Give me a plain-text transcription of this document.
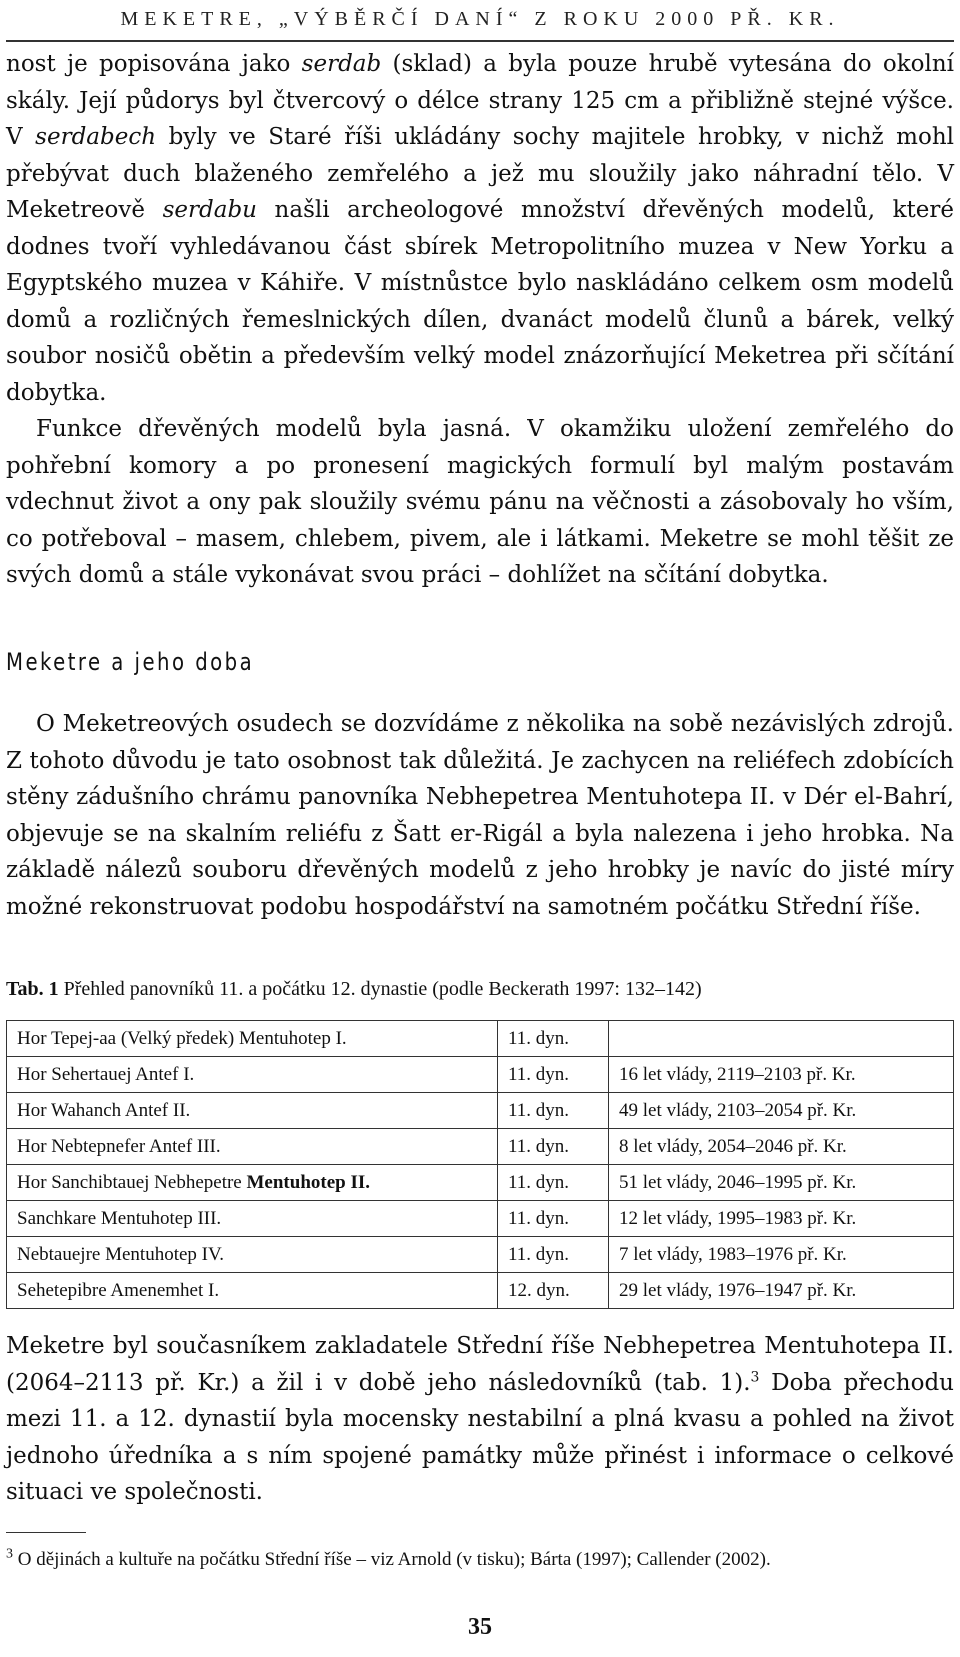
MEKETRE, „VÝBĚRČÍ DANÍ“ Z ROKU 2000 PŘ. KR.

nost je popisována jako serdab (sklad) a byla pouze hrubě vytesána do okolní skály. Její půdorys byl čtvercový o délce strany 125 cm a přibližně stejné výšce. V serdabech byly ve Staré říši ukládány sochy majitele hrobky, v nichž mohl přebývat duch blaženého zemřelého a jež mu sloužily jako náhradní tělo. V Meketreově serdabu našli archeologové množství dřevěných modelů, které dodnes tvoří vyhledávanou část sbírek Metropolitního muzea v New Yorku a Egyptského muzea v Káhiře. V místnůstce bylo naskládáno celkem osm modelů domů a rozličných řemeslnických dílen, dvanáct modelů člunů a bárek, velký soubor nosičů obětin a především velký model znázorňující Meketrea při sčítání dobytka.

Funkce dřevěných modelů byla jasná. V okamžiku uložení zemřelého do pohřební komory a po pronesení magických formulí byl malým postavám vdechnut život a ony pak sloužily svému pánu na věčnosti a zásobovaly ho vším, co potřeboval – masem, chlebem, pivem, ale i látkami. Meketre se mohl těšit ze svých domů a stále vykonávat svou práci – dohlížet na sčítání dobytka.

Meketre a jeho doba

O Meketreových osudech se dozvídáme z několika na sobě nezávislých zdrojů. Z tohoto důvodu je tato osobnost tak důležitá. Je zachycen na reliéfech zdobících stěny zádušního chrámu panovníka Nebhepetrea Mentuhotepa II. v Dér el-Bahrí, objevuje se na skalním reliéfu z Šatt er-Rigál a byla nalezena i jeho hrobka. Na základě nálezů souboru dřevěných modelů z jeho hrobky je navíc do jisté míry možné rekonstruovat podobu hospodářství na samotném počátku Střední říše.

Tab. 1 Přehled panovníků 11. a počátku 12. dynastie (podle Beckerath 1997: 132–142)
Hor Tepej-aa (Velký předek) Mentuhotep I.	11. dyn.	
Hor Sehertauej Antef I.	11. dyn.	16 let vlády, 2119–2103 př. Kr.
Hor Wahanch Antef II.	11. dyn.	49 let vlády, 2103–2054 př. Kr.
Hor Nebtepnefer Antef III.	11. dyn.	8 let vlády, 2054–2046 př. Kr.
Hor Sanchibtauej Nebhepetre Mentuhotep II.	11. dyn.	51 let vlády, 2046–1995 př. Kr.
Sanchkare Mentuhotep III.	11. dyn.	12 let vlády, 1995–1983 př. Kr.
Nebtauejre Mentuhotep IV.	11. dyn.	7 let vlády, 1983–1976 př. Kr.
Sehetepibre Amenemhet I.	12. dyn.	29 let vlády, 1976–1947 př. Kr.

Meketre byl současníkem zakladatele Střední říše Nebhepetrea Mentuhotepa II. (2064–2113 př. Kr.) a žil i v době jeho následovníků (tab. 1).$^3$ Doba přechodu mezi 11. a 12. dynastií byla mocensky nestabilní a plná kvasu a pohled na život jednoho úředníka a s ním spojené památky může přinést i informace o celkové situaci ve společnosti.

$^3$ O dějinách a kultuře na počátku Střední říše – viz Arnold (v tisku); Bárta (1997); Callender (2002).
35
